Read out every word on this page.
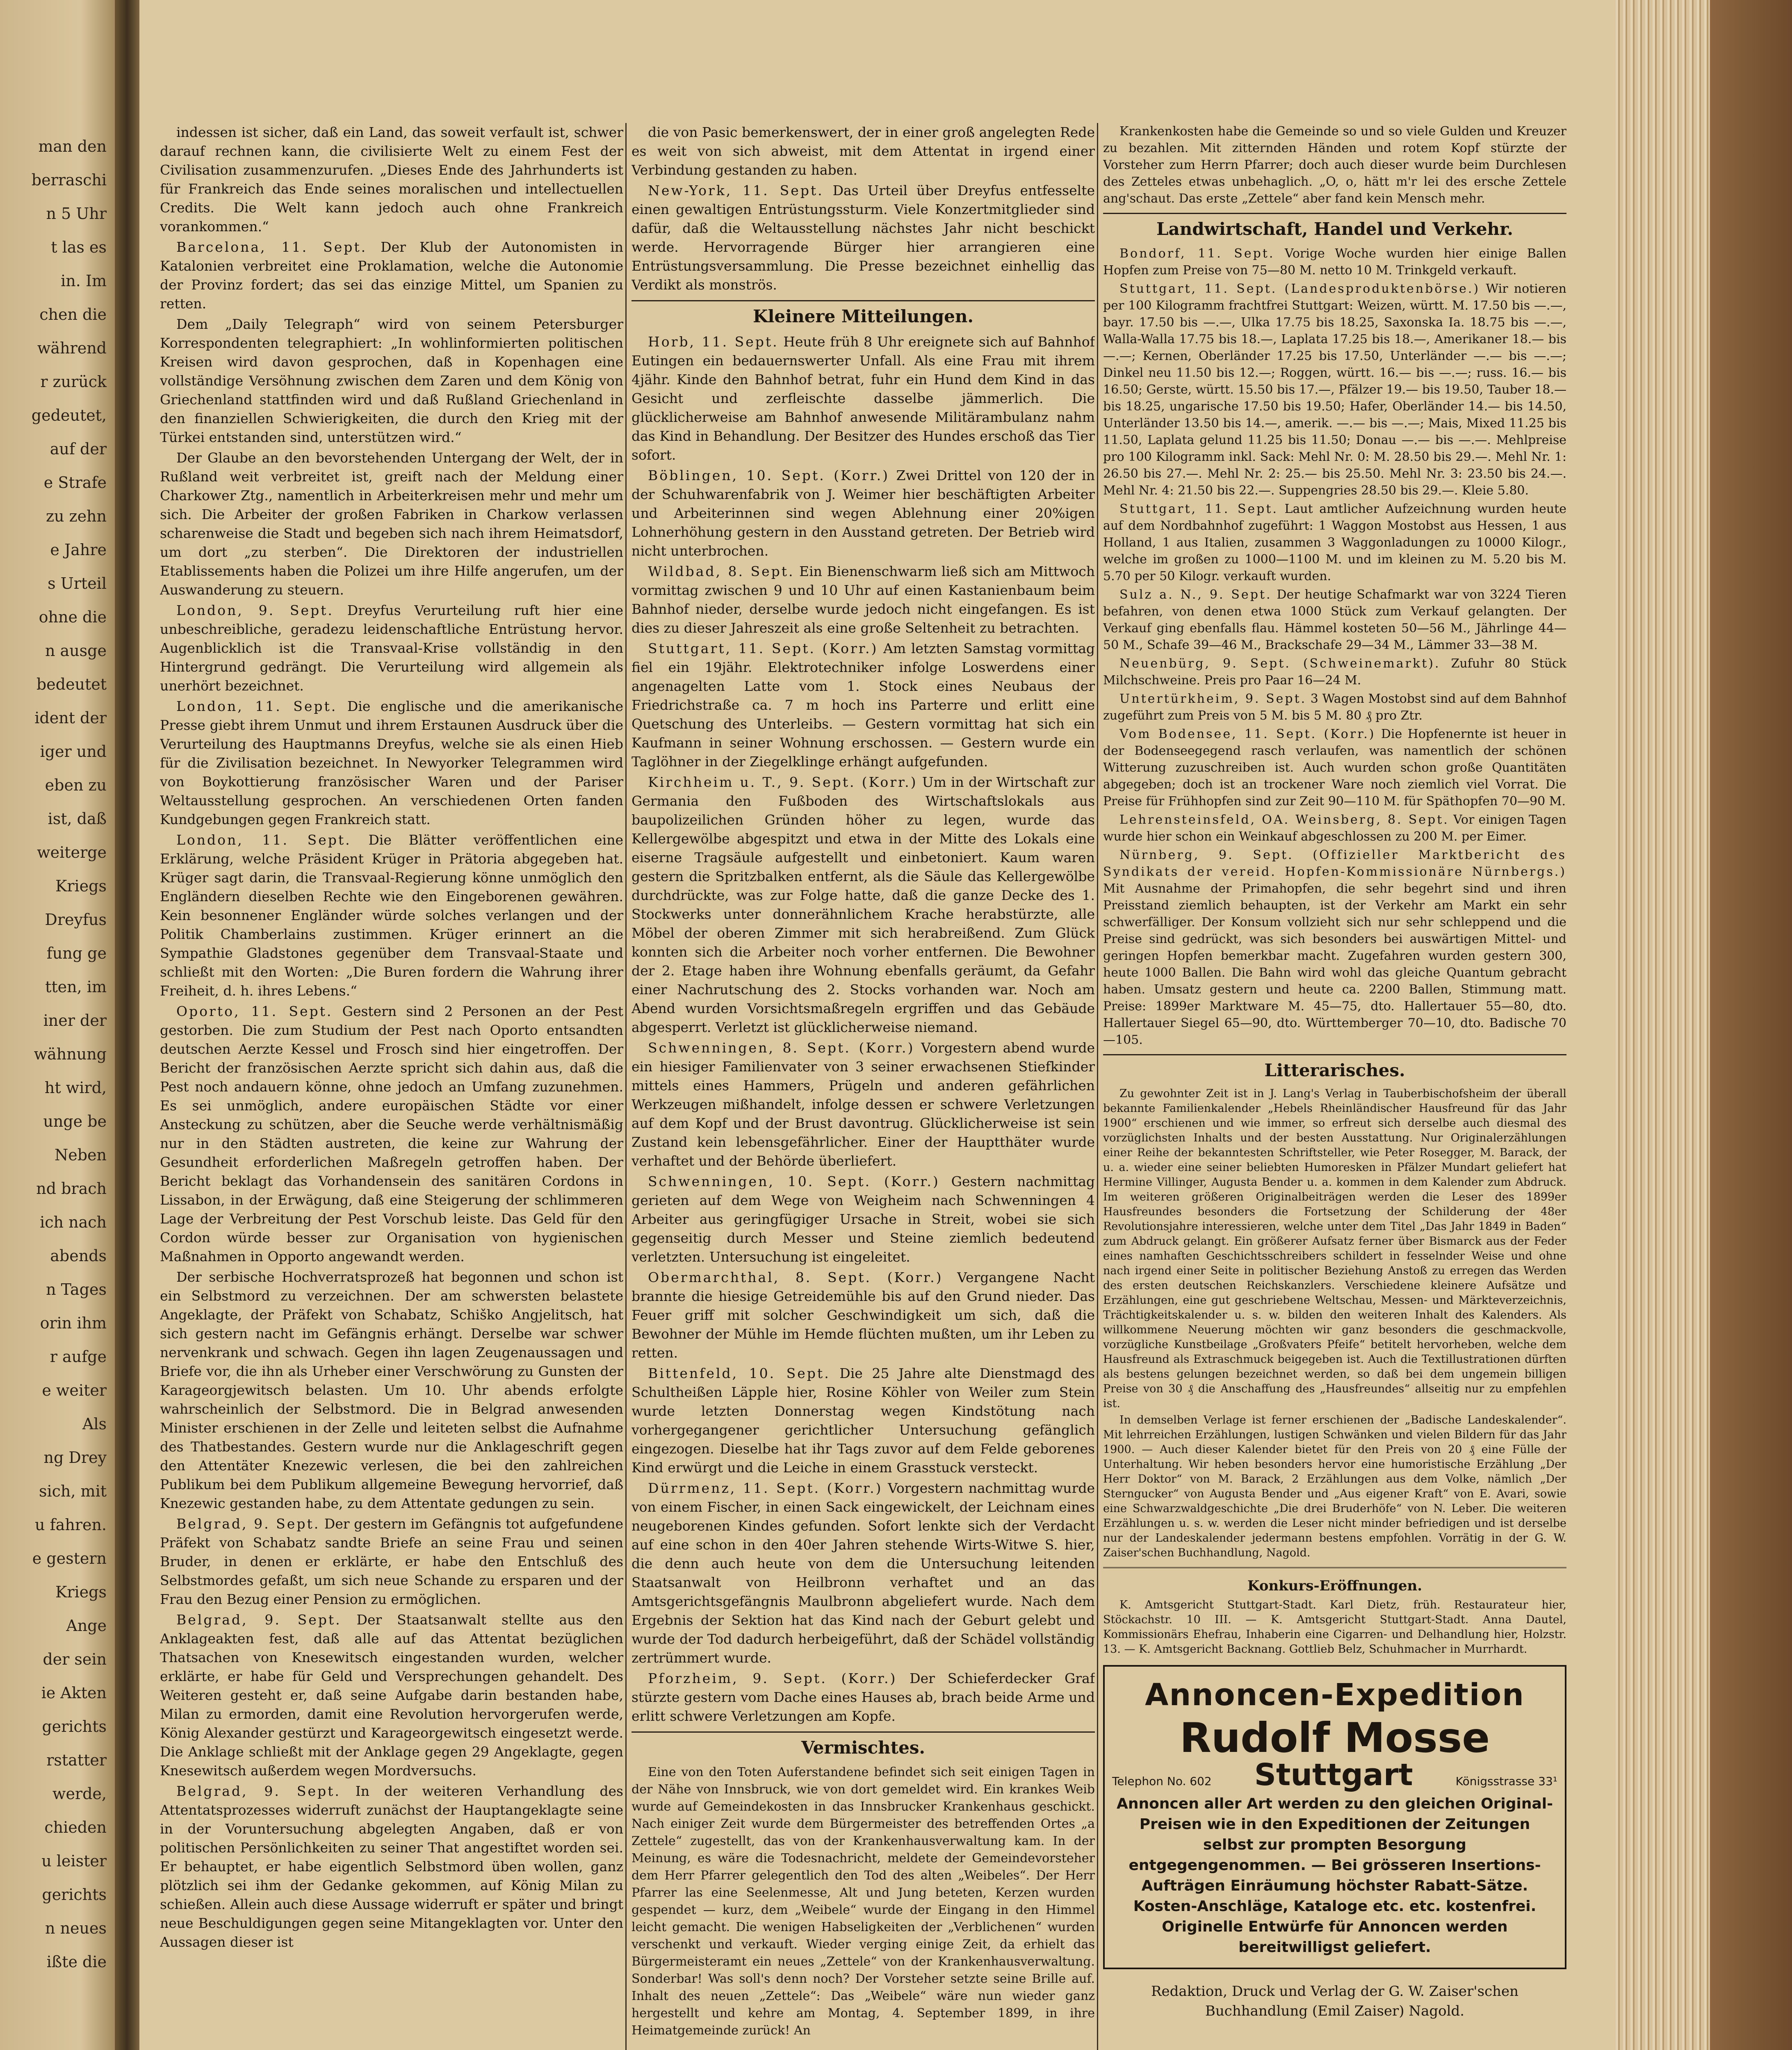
man den
berraschi
n 5 Uhr
t las es
in. Im
chen die
während
r zurück
gedeutet,
auf der
e Strafe
zu zehn
e Jahre
s Urteil
ohne die
n ausge
bedeutet
ident der
iger und
eben zu
ist, daß
weiterge
Kriegs
Dreyfus
fung ge
tten, im
iner der
wähnung
ht wird,
unge be
Neben
nd brach
ich nach
abends
n Tages
orin ihm
r aufge
e weiter
Als
ng Drey
sich, mit
u fahren.
e gestern
Kriegs
Ange
der sein
ie Akten
gerichts
rstatter
werde,
chieden
u leister
gerichts
n neues
ißte die

indessen ist sicher, daß ein Land, das soweit verfault ist, schwer darauf rechnen kann, die civilisierte Welt zu einem Fest der Civilisation zusammenzurufen. „Dieses Ende des Jahrhunderts ist für Frankreich das Ende seines moralischen und intellectuellen Credits. Die Welt kann jedoch auch ohne Frankreich vorankommen.“

Barcelona, 11. Sept. Der Klub der Autonomisten in Katalonien verbreitet eine Proklamation, welche die Autonomie der Provinz fordert; das sei das einzige Mittel, um Spanien zu retten.

Dem „Daily Telegraph“ wird von seinem Petersburger Korrespondenten telegraphiert: „In wohlinformierten politischen Kreisen wird davon gesprochen, daß in Kopenhagen eine vollständige Versöhnung zwischen dem Zaren und dem König von Griechenland stattfinden wird und daß Rußland Griechenland in den finanziellen Schwierigkeiten, die durch den Krieg mit der Türkei entstanden sind, unterstützen wird.“

Der Glaube an den bevorstehenden Untergang der Welt, der in Rußland weit verbreitet ist, greift nach der Meldung einer Charkower Ztg., namentlich in Arbeiterkreisen mehr und mehr um sich. Die Arbeiter der großen Fabriken in Charkow verlassen scharenweise die Stadt und begeben sich nach ihrem Heimatsdorf, um dort „zu sterben“. Die Direktoren der industriellen Etablissements haben die Polizei um ihre Hilfe angerufen, um der Auswanderung zu steuern.

London, 9. Sept. Dreyfus Verurteilung ruft hier eine unbeschreibliche, geradezu leidenschaftliche Entrüstung hervor. Augenblicklich ist die Transvaal-Krise vollständig in den Hintergrund gedrängt. Die Verurteilung wird allgemein als unerhört bezeichnet.

London, 11. Sept. Die englische und die amerikanische Presse giebt ihrem Unmut und ihrem Erstaunen Ausdruck über die Verurteilung des Hauptmanns Dreyfus, welche sie als einen Hieb für die Zivilisation bezeichnet. In Newyorker Telegrammen wird von Boykottierung französischer Waren und der Pariser Weltausstellung gesprochen. An verschiedenen Orten fanden Kundgebungen gegen Frankreich statt.

London, 11. Sept. Die Blätter veröffentlichen eine Erklärung, welche Präsident Krüger in Prätoria abgegeben hat. Krüger sagt darin, die Transvaal-Regierung könne unmöglich den Engländern dieselben Rechte wie den Eingeborenen gewähren. Kein besonnener Engländer würde solches verlangen und der Politik Chamberlains zustimmen. Krüger erinnert an die Sympathie Gladstones gegenüber dem Transvaal-Staate und schließt mit den Worten: „Die Buren fordern die Wahrung ihrer Freiheit, d. h. ihres Lebens.“

Oporto, 11. Sept. Gestern sind 2 Personen an der Pest gestorben. Die zum Studium der Pest nach Oporto entsandten deutschen Aerzte Kessel und Frosch sind hier eingetroffen. Der Bericht der französischen Aerzte spricht sich dahin aus, daß die Pest noch andauern könne, ohne jedoch an Umfang zuzunehmen. Es sei unmöglich, andere europäischen Städte vor einer Ansteckung zu schützen, aber die Seuche werde verhältnismäßig nur in den Städten austreten, die keine zur Wahrung der Gesundheit erforderlichen Maßregeln getroffen haben. Der Bericht beklagt das Vorhandensein des sanitären Cordons in Lissabon, in der Erwägung, daß eine Steigerung der schlimmeren Lage der Verbreitung der Pest Vorschub leiste. Das Geld für den Cordon würde besser zur Organisation von hygienischen Maßnahmen in Opporto angewandt werden.

Der serbische Hochverratsprozeß hat begonnen und schon ist ein Selbstmord zu verzeichnen. Der am schwersten belastete Angeklagte, der Präfekt von Schabatz, Schiško Angjelitsch, hat sich gestern nacht im Gefängnis erhängt. Derselbe war schwer nervenkrank und schwach. Gegen ihn lagen Zeugenaussagen und Briefe vor, die ihn als Urheber einer Verschwörung zu Gunsten der Karageorgjewitsch belasten. Um 10. Uhr abends erfolgte wahrscheinlich der Selbstmord. Die in Belgrad anwesenden Minister erschienen in der Zelle und leiteten selbst die Aufnahme des Thatbestandes. Gestern wurde nur die Anklageschrift gegen den Attentäter Knezewic verlesen, die bei den zahlreichen Publikum bei dem Publikum allgemeine Bewegung hervorrief, daß Knezewic gestanden habe, zu dem Attentate gedungen zu sein.

Belgrad, 9. Sept. Der gestern im Gefängnis tot aufgefundene Präfekt von Schabatz sandte Briefe an seine Frau und seinen Bruder, in denen er erklärte, er habe den Entschluß des Selbstmordes gefaßt, um sich neue Schande zu ersparen und der Frau den Bezug einer Pension zu ermöglichen.

Belgrad, 9. Sept. Der Staatsanwalt stellte aus den Anklageakten fest, daß alle auf das Attentat bezüglichen Thatsachen von Knesewitsch eingestanden wurden, welcher erklärte, er habe für Geld und Versprechungen gehandelt. Des Weiteren gesteht er, daß seine Aufgabe darin bestanden habe, Milan zu ermorden, damit eine Revolution hervorgerufen werde, König Alexander gestürzt und Karageorgewitsch eingesetzt werde. Die Anklage schließt mit der Anklage gegen 29 Angeklagte, gegen Knesewitsch außerdem wegen Mordversuchs.

Belgrad, 9. Sept. In der weiteren Verhandlung des Attentatsprozesses widerruft zunächst der Hauptangeklagte seine in der Voruntersuchung abgelegten Angaben, daß er von politischen Persönlichkeiten zu seiner That angestiftet worden sei. Er behauptet, er habe eigentlich Selbstmord üben wollen, ganz plötzlich sei ihm der Gedanke gekommen, auf König Milan zu schießen. Allein auch diese Aussage widerruft er später und bringt neue Beschuldigungen gegen seine Mitangeklagten vor. Unter den Aussagen dieser ist

die von Pasic bemerkenswert, der in einer groß angelegten Rede es weit von sich abweist, mit dem Attentat in irgend einer Verbindung gestanden zu haben.

New-York, 11. Sept. Das Urteil über Dreyfus entfesselte einen gewaltigen Entrüstungssturm. Viele Konzertmitglieder sind dafür, daß die Weltausstellung nächstes Jahr nicht beschickt werde. Hervorragende Bürger hier arrangieren eine Entrüstungsversammlung. Die Presse bezeichnet einhellig das Verdikt als monströs.

Kleinere Mitteilungen.

Horb, 11. Sept. Heute früh 8 Uhr ereignete sich auf Bahnhof Eutingen ein bedauernswerter Unfall. Als eine Frau mit ihrem 4jähr. Kinde den Bahnhof betrat, fuhr ein Hund dem Kind in das Gesicht und zerfleischte dasselbe jämmerlich. Die glücklicherweise am Bahnhof anwesende Militärambulanz nahm das Kind in Behandlung. Der Besitzer des Hundes erschoß das Tier sofort.

Böblingen, 10. Sept. (Korr.) Zwei Drittel von 120 der in der Schuhwarenfabrik von J. Weimer hier beschäftigten Arbeiter und Arbeiterinnen sind wegen Ablehnung einer 20%igen Lohnerhöhung gestern in den Ausstand getreten. Der Betrieb wird nicht unterbrochen.

Wildbad, 8. Sept. Ein Bienenschwarm ließ sich am Mittwoch vormittag zwischen 9 und 10 Uhr auf einen Kastanienbaum beim Bahnhof nieder, derselbe wurde jedoch nicht eingefangen. Es ist dies zu dieser Jahreszeit als eine große Seltenheit zu betrachten.

Stuttgart, 11. Sept. (Korr.) Am letzten Samstag vormittag fiel ein 19jähr. Elektrotechniker infolge Loswerdens einer angenagelten Latte vom 1. Stock eines Neubaus der Friedrichstraße ca. 7 m hoch ins Parterre und erlitt eine Quetschung des Unterleibs. — Gestern vormittag hat sich ein Kaufmann in seiner Wohnung erschossen. — Gestern wurde ein Taglöhner in der Ziegelklinge erhängt aufgefunden.

Kirchheim u. T., 9. Sept. (Korr.) Um in der Wirtschaft zur Germania den Fußboden des Wirtschaftslokals aus baupolizeilichen Gründen höher zu legen, wurde das Kellergewölbe abgespitzt und etwa in der Mitte des Lokals eine eiserne Tragsäule aufgestellt und einbetoniert. Kaum waren gestern die Spritzbalken entfernt, als die Säule das Kellergewölbe durchdrückte, was zur Folge hatte, daß die ganze Decke des 1. Stockwerks unter donnerähnlichem Krache herabstürzte, alle Möbel der oberen Zimmer mit sich herabreißend. Zum Glück konnten sich die Arbeiter noch vorher entfernen. Die Bewohner der 2. Etage haben ihre Wohnung ebenfalls geräumt, da Gefahr einer Nachrutschung des 2. Stocks vorhanden war. Noch am Abend wurden Vorsichtsmaßregeln ergriffen und das Gebäude abgesperrt. Verletzt ist glücklicherweise niemand.

Schwenningen, 8. Sept. (Korr.) Vorgestern abend wurde ein hiesiger Familienvater von 3 seiner erwachsenen Stiefkinder mittels eines Hammers, Prügeln und anderen gefährlichen Werkzeugen mißhandelt, infolge dessen er schwere Verletzungen auf dem Kopf und der Brust davontrug. Glücklicherweise ist sein Zustand kein lebensgefährlicher. Einer der Hauptthäter wurde verhaftet und der Behörde überliefert.

Schwenningen, 10. Sept. (Korr.) Gestern nachmittag gerieten auf dem Wege von Weigheim nach Schwenningen 4 Arbeiter aus geringfügiger Ursache in Streit, wobei sie sich gegenseitig durch Messer und Steine ziemlich bedeutend verletzten. Untersuchung ist eingeleitet.

Obermarchthal, 8. Sept. (Korr.) Vergangene Nacht brannte die hiesige Getreidemühle bis auf den Grund nieder. Das Feuer griff mit solcher Geschwindigkeit um sich, daß die Bewohner der Mühle im Hemde flüchten mußten, um ihr Leben zu retten.

Bittenfeld, 10. Sept. Die 25 Jahre alte Dienstmagd des Schultheißen Läpple hier, Rosine Köhler von Weiler zum Stein wurde letzten Donnerstag wegen Kindstötung nach vorhergegangener gerichtlicher Untersuchung gefänglich eingezogen. Dieselbe hat ihr Tags zuvor auf dem Felde geborenes Kind erwürgt und die Leiche in einem Grasstuck versteckt.

Dürrmenz, 11. Sept. (Korr.) Vorgestern nachmittag wurde von einem Fischer, in einen Sack eingewickelt, der Leichnam eines neugeborenen Kindes gefunden. Sofort lenkte sich der Verdacht auf eine schon in den 40er Jahren stehende Wirts-Witwe S. hier, die denn auch heute von dem die Untersuchung leitenden Staatsanwalt von Heilbronn verhaftet und an das Amtsgerichtsgefängnis Maulbronn abgeliefert wurde. Nach dem Ergebnis der Sektion hat das Kind nach der Geburt gelebt und wurde der Tod dadurch herbeigeführt, daß der Schädel vollständig zertrümmert wurde.

Pforzheim, 9. Sept. (Korr.) Der Schieferdecker Graf stürzte gestern vom Dache eines Hauses ab, brach beide Arme und erlitt schwere Verletzungen am Kopfe.

Vermischtes.

Eine von den Toten Auferstandene befindet sich seit einigen Tagen in der Nähe von Innsbruck, wie von dort gemeldet wird. Ein krankes Weib wurde auf Gemeindekosten in das Innsbrucker Krankenhaus geschickt. Nach einiger Zeit wurde dem Bürgermeister des betreffenden Ortes „a Zettele“ zugestellt, das von der Krankenhausverwaltung kam. In der Meinung, es wäre die Todesnachricht, meldete der Gemeindevorsteher dem Herr Pfarrer gelegentlich den Tod des alten „Weibeles“. Der Herr Pfarrer las eine Seelenmesse, Alt und Jung beteten, Kerzen wurden gespendet — kurz, dem „Weibele“ wurde der Eingang in den Himmel leicht gemacht. Die wenigen Habseligkeiten der „Verblichenen“ wurden verschenkt und verkauft. Wieder verging einige Zeit, da erhielt das Bürgermeisteramt ein neues „Zettele“ von der Krankenhausverwaltung. Sonderbar! Was soll's denn noch? Der Vorsteher setzte seine Brille auf. Inhalt des neuen „Zettele“: Das „Weibele“ wäre nun wieder ganz hergestellt und kehre am Montag, 4. September 1899, in ihre Heimatgemeinde zurück! An

Krankenkosten habe die Gemeinde so und so viele Gulden und Kreuzer zu bezahlen. Mit zitternden Händen und rotem Kopf stürzte der Vorsteher zum Herrn Pfarrer; doch auch dieser wurde beim Durchlesen des Zetteles etwas unbehaglich. „O, o, hätt m'r lei des ersche Zettele ang'schaut. Das erste „Zettele“ aber fand kein Mensch mehr.

Landwirtschaft, Handel und Verkehr.

Bondorf, 11. Sept. Vorige Woche wurden hier einige Ballen Hopfen zum Preise von 75—80 M. netto 10 M. Trinkgeld verkauft.

Stuttgart, 11. Sept. (Landesproduktenbörse.) Wir notieren per 100 Kilogramm frachtfrei Stuttgart: Weizen, württ. M. 17.50 bis —.—, bayr. 17.50 bis —.—, Ulka 17.75 bis 18.25, Saxonska Ia. 18.75 bis —.—, Walla-Walla 17.75 bis 18.—, Laplata 17.25 bis 18.—, Amerikaner 18.— bis —.—; Kernen, Oberländer 17.25 bis 17.50, Unterländer —.— bis —.—; Dinkel neu 11.50 bis 12.—; Roggen, württ. 16.— bis —.—; russ. 16.— bis 16.50; Gerste, württ. 15.50 bis 17.—, Pfälzer 19.— bis 19.50, Tauber 18.— bis 18.25, ungarische 17.50 bis 19.50; Hafer, Oberländer 14.— bis 14.50, Unterländer 13.50 bis 14.—, amerik. —.— bis —.—; Mais, Mixed 11.25 bis 11.50, Laplata gelund 11.25 bis 11.50; Donau —.— bis —.—. Mehlpreise pro 100 Kilogramm inkl. Sack: Mehl Nr. 0: M. 28.50 bis 29.—. Mehl Nr. 1: 26.50 bis 27.—. Mehl Nr. 2: 25.— bis 25.50. Mehl Nr. 3: 23.50 bis 24.—. Mehl Nr. 4: 21.50 bis 22.—. Suppengries 28.50 bis 29.—. Kleie 5.80.

Stuttgart, 11. Sept. Laut amtlicher Aufzeichnung wurden heute auf dem Nordbahnhof zugeführt: 1 Waggon Mostobst aus Hessen, 1 aus Holland, 1 aus Italien, zusammen 3 Waggonladungen zu 10000 Kilogr., welche im großen zu 1000—1100 M. und im kleinen zu M. 5.20 bis M. 5.70 per 50 Kilogr. verkauft wurden.

Sulz a. N., 9. Sept. Der heutige Schafmarkt war von 3224 Tieren befahren, von denen etwa 1000 Stück zum Verkauf gelangten. Der Verkauf ging ebenfalls flau. Hämmel kosteten 50—56 M., Jährlinge 44—50 M., Schafe 39—46 M., Brackschafe 29—34 M., Lämmer 33—38 M.

Neuenbürg, 9. Sept. (Schweinemarkt). Zufuhr 80 Stück Milchschweine. Preis pro Paar 16—24 M.

Untertürkheim, 9. Sept. 3 Wagen Mostobst sind auf dem Bahnhof zugeführt zum Preis von 5 M. bis 5 M. 80 ₰ pro Ztr.

Vom Bodensee, 11. Sept. (Korr.) Die Hopfenernte ist heuer in der Bodenseegegend rasch verlaufen, was namentlich der schönen Witterung zuzuschreiben ist. Auch wurden schon große Quantitäten abgegeben; doch ist an trockener Ware noch ziemlich viel Vorrat. Die Preise für Frühhopfen sind zur Zeit 90—110 M. für Späthopfen 70—90 M.

Lehrensteinsfeld, OA. Weinsberg, 8. Sept. Vor einigen Tagen wurde hier schon ein Weinkauf abgeschlossen zu 200 M. per Eimer.

Nürnberg, 9. Sept. (Offizieller Marktbericht des Syndikats der vereid. Hopfen-Kommissionäre Nürnbergs.) Mit Ausnahme der Primahopfen, die sehr begehrt sind und ihren Preisstand ziemlich behaupten, ist der Verkehr am Markt ein sehr schwerfälliger. Der Konsum vollzieht sich nur sehr schleppend und die Preise sind gedrückt, was sich besonders bei auswärtigen Mittel- und geringen Hopfen bemerkbar macht. Zugefahren wurden gestern 300, heute 1000 Ballen. Die Bahn wird wohl das gleiche Quantum gebracht haben. Umsatz gestern und heute ca. 2200 Ballen, Stimmung matt. Preise: 1899er Marktware M. 45—75, dto. Hallertauer 55—80, dto. Hallertauer Siegel 65—90, dto. Württemberger 70—10, dto. Badische 70—105.

Litterarisches.

Zu gewohnter Zeit ist in J. Lang's Verlag in Tauberbischofsheim der überall bekannte Familienkalender „Hebels Rheinländischer Hausfreund für das Jahr 1900“ erschienen und wie immer, so erfreut sich derselbe auch diesmal des vorzüglichsten Inhalts und der besten Ausstattung. Nur Originalerzählungen einer Reihe der bekanntesten Schriftsteller, wie Peter Rosegger, M. Barack, der u. a. wieder eine seiner beliebten Humoresken in Pfälzer Mundart geliefert hat Hermine Villinger, Augusta Bender u. a. kommen in dem Kalender zum Abdruck. Im weiteren größeren Originalbeiträgen werden die Leser des 1899er Hausfreundes besonders die Fortsetzung der Schilderung der 48er Revolutionsjahre interessieren, welche unter dem Titel „Das Jahr 1849 in Baden“ zum Abdruck gelangt. Ein größerer Aufsatz ferner über Bismarck aus der Feder eines namhaften Geschichtsschreibers schildert in fesselnder Weise und ohne nach irgend einer Seite in politischer Beziehung Anstoß zu erregen das Werden des ersten deutschen Reichskanzlers. Verschiedene kleinere Aufsätze und Erzählungen, eine gut geschriebene Weltschau, Messen- und Märkteverzeichnis, Trächtigkeitskalender u. s. w. bilden den weiteren Inhalt des Kalenders. Als willkommene Neuerung möchten wir ganz besonders die geschmackvolle, vorzügliche Kunstbeilage „Großvaters Pfeife“ betitelt hervorheben, welche dem Hausfreund als Extraschmuck beigegeben ist. Auch die Textillustrationen dürften als bestens gelungen bezeichnet werden, so daß bei dem ungemein billigen Preise von 30 ₰ die Anschaffung des „Hausfreundes“ allseitig nur zu empfehlen ist.

In demselben Verlage ist ferner erschienen der „Badische Landeskalender“. Mit lehrreichen Erzählungen, lustigen Schwänken und vielen Bildern für das Jahr 1900. — Auch dieser Kalender bietet für den Preis von 20 ₰ eine Fülle der Unterhaltung. Wir heben besonders hervor eine humoristische Erzählung „Der Herr Doktor“ von M. Barack, 2 Erzählungen aus dem Volke, nämlich „Der Sterngucker“ von Augusta Bender und „Aus eigener Kraft“ von E. Avari, sowie eine Schwarzwaldgeschichte „Die drei Bruderhöfe“ von N. Leber. Die weiteren Erzählungen u. s. w. werden die Leser nicht minder befriedigen und ist derselbe nur der Landeskalender jedermann bestens empfohlen. Vorrätig in der G. W. Zaiser'schen Buchhandlung, Nagold.

Konkurs-Eröffnungen.

K. Amtsgericht Stuttgart-Stadt. Karl Dietz, früh. Restaurateur hier, Stöckachstr. 10 III. — K. Amtsgericht Stuttgart-Stadt. Anna Dautel, Kommissionärs Ehefrau, Inhaberin eine Cigarren- und Delhandlung hier, Holzstr. 13. — K. Amtsgericht Backnang. Gottlieb Belz, Schuhmacher in Murrhardt.

Annoncen-Expedition
Rudolf Mosse
Telephon No. 602 Stuttgart	Königsstrasse 33¹
Annoncen aller Art werden zu den gleichen Original-Preisen wie in den Expeditionen der Zeitungen selbst zur prompten Besorgung entgegengenommen. — Bei grösseren Insertions-Aufträgen Einräumung höchster Rabatt-Sätze. Kosten-Anschläge, Kataloge etc. etc. kostenfrei. Originelle Entwürfe für Annoncen werden bereitwilligst geliefert.
Redaktion, Druck und Verlag der G. W. Zaiser'schen Buchhandlung (Emil Zaiser) Nagold.
